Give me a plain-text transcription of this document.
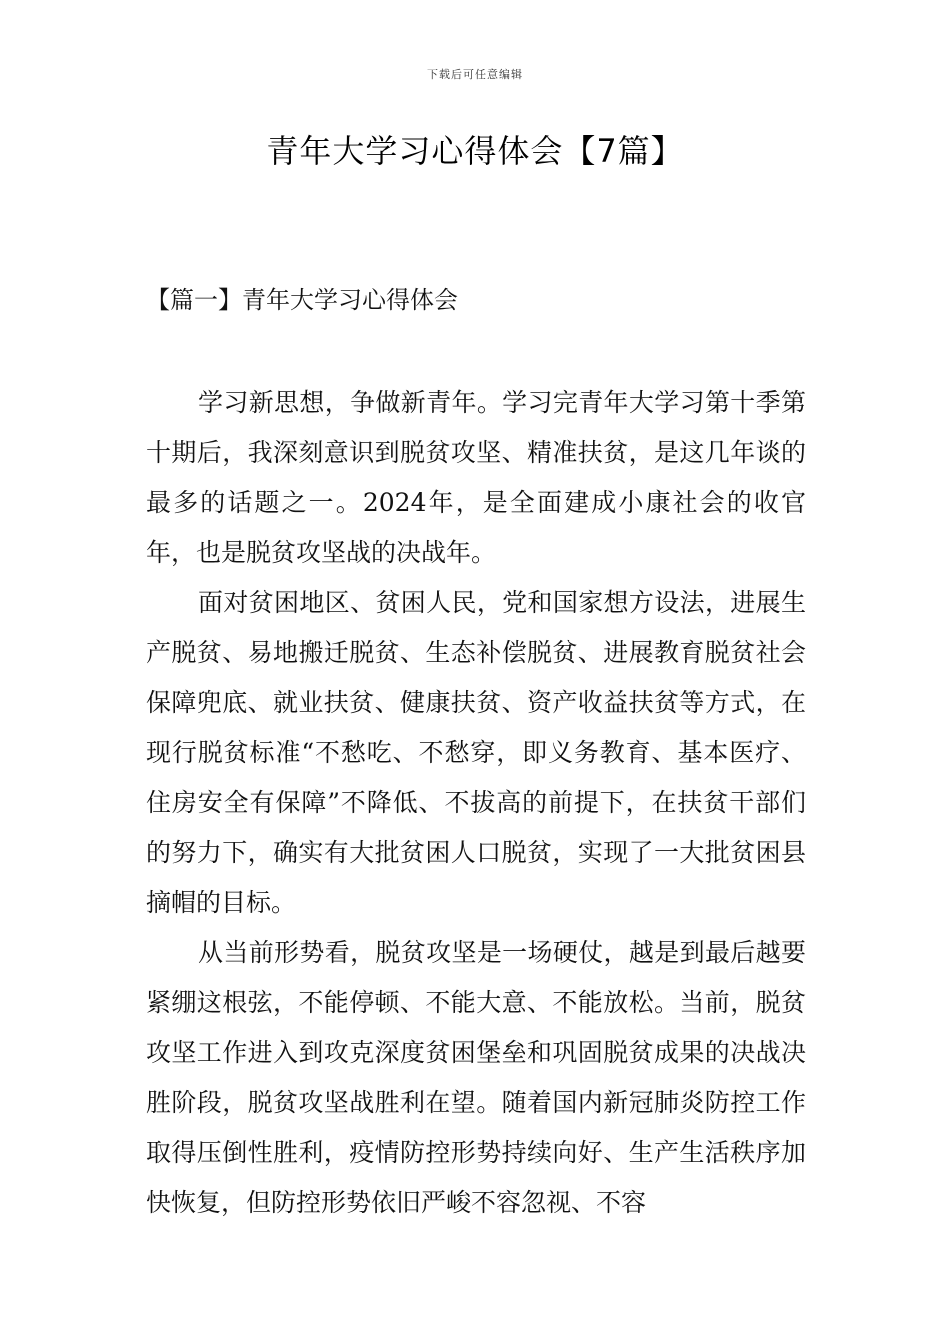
下载后可任意编辑
青年大学习心得体会【7篇】
【篇一】青年大学习心得体会

学习新思想，争做新青年。学习完青年大学习第十季第十期后，我深刻意识到脱贫攻坚、精准扶贫，是这几年谈的最多的话题之一。2024年，是全面建成小康社会的收官年，也是脱贫攻坚战的决战年。

面对贫困地区、贫困人民，党和国家想方设法，进展生产脱贫、易地搬迁脱贫、生态补偿脱贫、进展教育脱贫社会保障兜底、就业扶贫、健康扶贫、资产收益扶贫等方式，在现行脱贫标准“不愁吃、不愁穿，即义务教育、基本医疗、住房安全有保障”不降低、不拔高的前提下，在扶贫干部们的努力下，确实有大批贫困人口脱贫，实现了一大批贫困县摘帽的目标。

从当前形势看，脱贫攻坚是一场硬仗，越是到最后越要紧绷这根弦，不能停顿、不能大意、不能放松。当前，脱贫攻坚工作进入到攻克深度贫困堡垒和巩固脱贫成果的决战决胜阶段，脱贫攻坚战胜利在望。随着国内新冠肺炎防控工作取得压倒性胜利，疫情防控形势持续向好、生产生活秩序加快恢复，但防控形势依旧严峻不容忽视、不容
